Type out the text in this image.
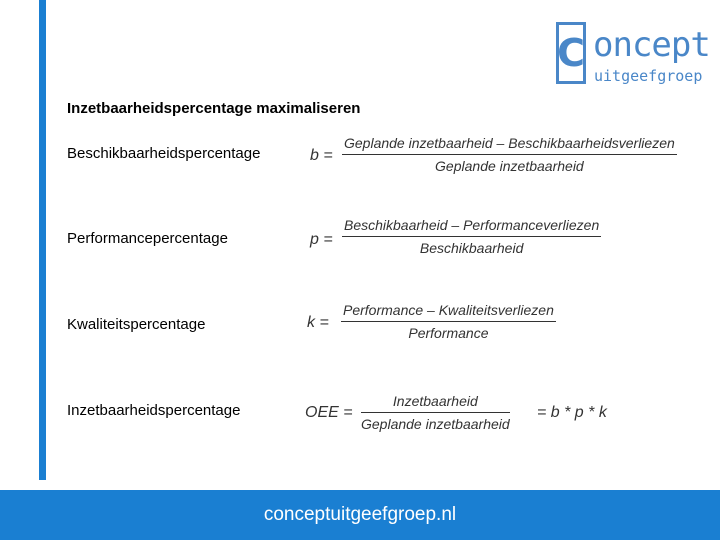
C oncept
uitgeefgroep
Inzetbaarheidspercentage maximaliseren
Beschikbaarheidspercentage	b =
Geplande inzetbaarheid – Beschikbaarheidsverliezen
Geplande inzetbaarheid
Performancepercentage	p =
Beschikbaarheid – Performanceverliezen
Beschikbaarheid
Kwaliteitspercentage	k =
Performance – Kwaliteitsverliezen
Performance
Inzetbaarheidspercentage	OEE =
Inzetbaarheid
Geplande inzetbaarheid
= b * p * k
conceptuitgeefgroep.nl
